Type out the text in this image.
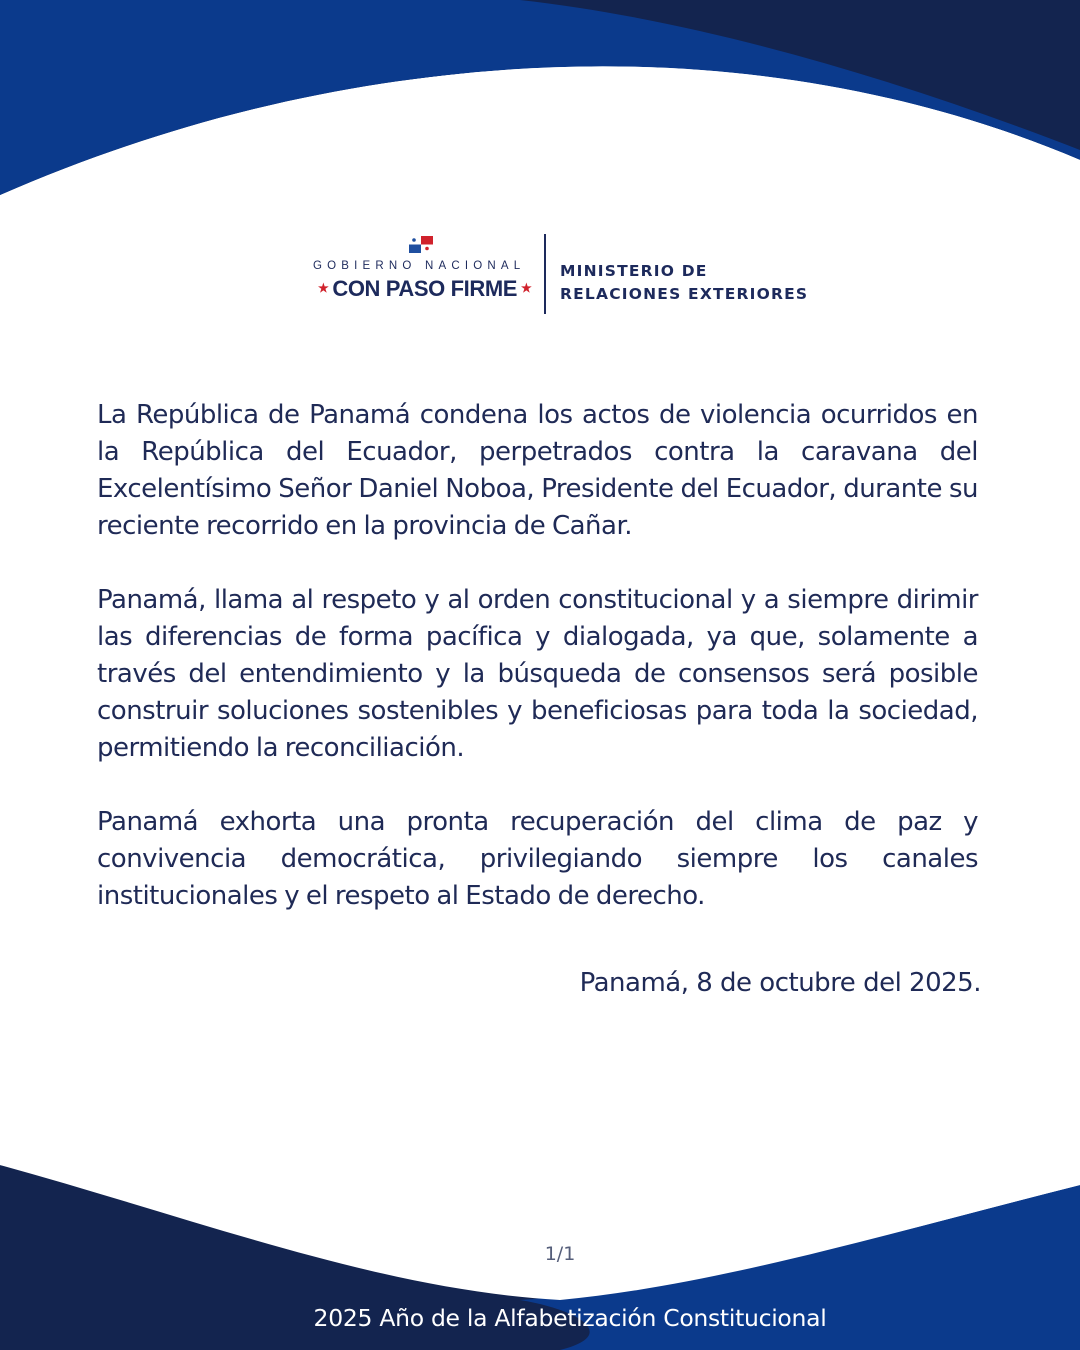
GOBIERNO NACIONAL
★ CON PASO FIRME ★
MINISTERIO DE
RELACIONES EXTERIORES

La República de Panamá condena los actos de violencia ocurridos en la República del Ecuador, perpetrados contra la caravana del Excelentísimo Señor Daniel Noboa, Presidente del Ecuador, durante su reciente recorrido en la provincia de Cañar.

Panamá, llama al respeto y al orden constitucional y a siempre dirimir las diferencias de forma pacífica y dialogada, ya que, solamente a través del entendimiento y la búsqueda de consensos será posible construir soluciones sostenibles y beneficiosas para toda la sociedad, permitiendo la reconciliación.

Panamá exhorta una pronta recuperación del clima de paz y convivencia democrática, privilegiando siempre los canales institucionales y el respeto al Estado de derecho.

Panamá, 8 de octubre del 2025.
1/1
2025 Año de la Alfabetización Constitucional
